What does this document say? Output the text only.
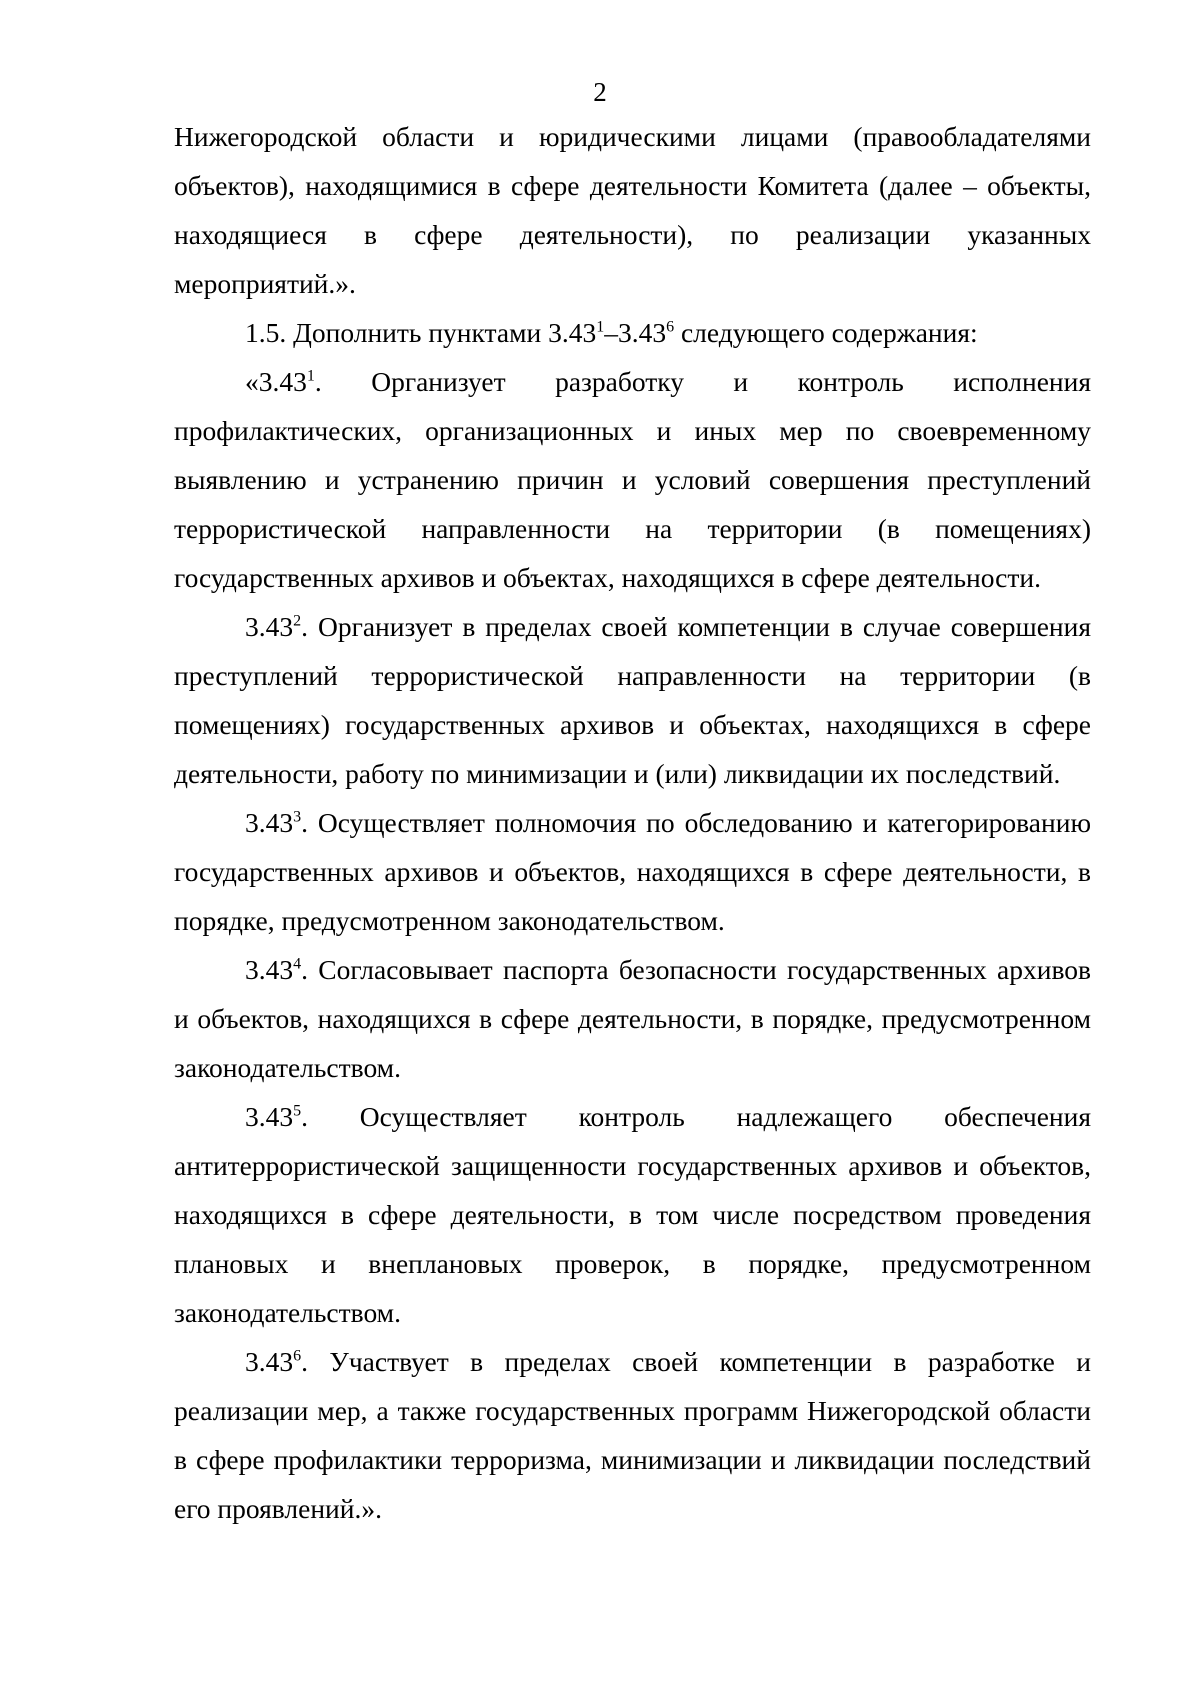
2

Нижегородской области и юридическими лицами (правообладателями объектов), находящимися в сфере деятельности Комитета (далее – объекты, находящиеся в сфере деятельности), по реализации указанных мероприятий.».

1.5. Дополнить пунктами 3.43$^1$–3.43$^6$ следующего содержания:

«3.43$^1$. Организует разработку и контроль исполнения профилактических, организационных и иных мер по своевременному выявлению и устранению причин и условий совершения преступлений террористической направленности на территории (в помещениях) государственных архивов и объектах, находящихся в сфере деятельности.

3.43$^2$. Организует в пределах своей компетенции в случае совершения преступлений террористической направленности на территории (в помещениях) государственных архивов и объектах, находящихся в сфере деятельности, работу по минимизации и (или) ликвидации их последствий.

3.43$^3$. Осуществляет полномочия по обследованию и категорированию государственных архивов и объектов, находящихся в сфере деятельности, в порядке, предусмотренном законодательством.

3.43$^4$. Согласовывает паспорта безопасности государственных архивов и объектов, находящихся в сфере деятельности, в порядке, предусмотренном законодательством.

3.43$^5$. Осуществляет контроль надлежащего обеспечения антитеррористической защищенности государственных архивов и объектов, находящихся в сфере деятельности, в том числе посредством проведения плановых и внеплановых проверок, в порядке, предусмотренном законодательством.

3.43$^6$. Участвует в пределах своей компетенции в разработке и реализации мер, а также государственных программ Нижегородской области в сфере профилактики терроризма, минимизации и ликвидации последствий его проявлений.».
